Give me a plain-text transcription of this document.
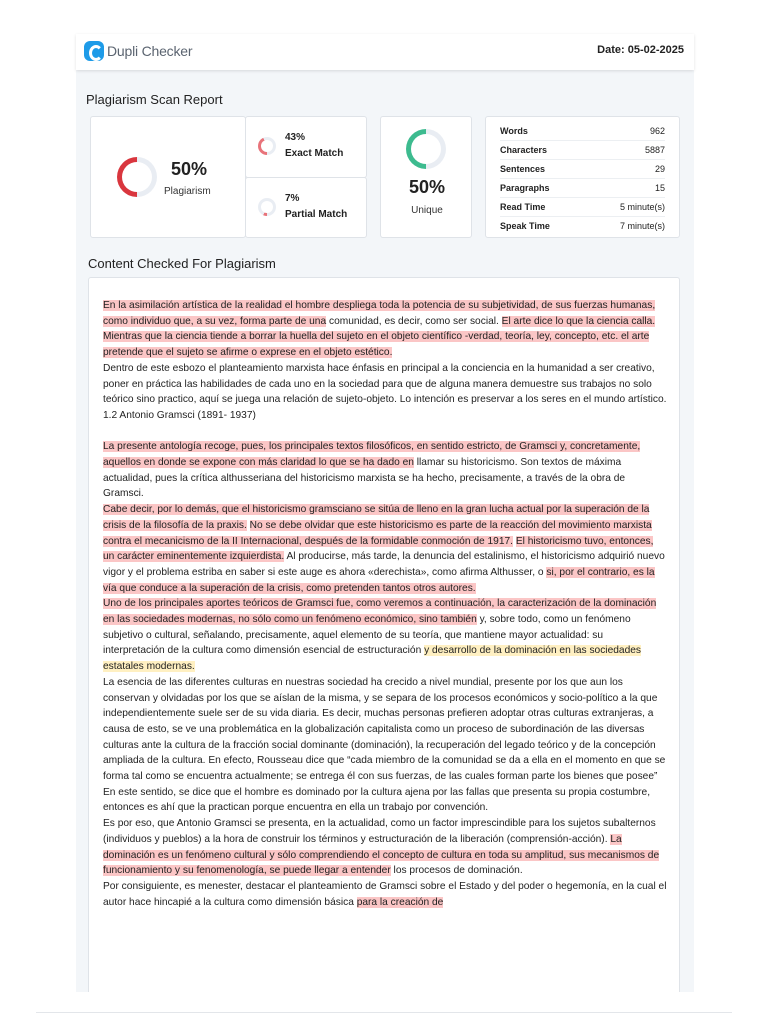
Dupli Checker	Date: 05-02-2025
Plagiarism Scan Report
50%
Plagiarism
43%
Exact Match
7%
Partial Match
50%
Unique
Words	962
Characters	5887
Sentences	29
Paragraphs	15
Read Time	5 minute(s)
Speak Time	7 minute(s)
Content Checked For Plagiarism
En la asimilación artística de la realidad el hombre despliega toda la potencia de su subjetividad, de sus fuerzas humanas, como individuo que, a su vez, forma parte de una comunidad, es decir, como ser social. El arte dice lo que la ciencia calla. Mientras que la ciencia tiende a borrar la huella del sujeto en el objeto científico -verdad, teoría, ley, concepto, etc. el arte pretende que el sujeto se afirme o exprese en el objeto estético.
Dentro de este esbozo el planteamiento marxista hace énfasis en principal a la conciencia en la humanidad a ser creativo, poner en práctica las habilidades de cada uno en la sociedad para que de alguna manera demuestre sus trabajos no solo teórico sino practico, aquí se juega una relación de sujeto-objeto. Lo intención es preservar a los seres en el mundo artístico.
1.2 Antonio Gramsci (1891- 1937)
La presente antología recoge, pues, los principales textos filosóficos, en sentido estricto, de Gramsci y, concretamente, aquellos en donde se expone con más claridad lo que se ha dado en llamar su historicismo. Son textos de máxima actualidad, pues la crítica althusseriana del historicismo marxista se ha hecho, precisamente, a través de la obra de Gramsci.
Cabe decir, por lo demás, que el historicismo gramsciano se sitúa de lleno en la gran lucha actual por la superación de la crisis de la filosofía de la praxis. No se debe olvidar que este historicismo es parte de la reacción del movimiento marxista contra el mecanicismo de la II Internacional, después de la formidable conmoción de 1917. El historicismo tuvo, entonces, un carácter eminentemente izquierdista. Al producirse, más tarde, la denuncia del estalinismo, el historicismo adquirió nuevo vigor y el problema estriba en saber si este auge es ahora «derechista», como afirma Althusser, o si, por el contrario, es la vía que conduce a la superación de la crisis, como pretenden tantos otros autores.
Uno de los principales aportes teóricos de Gramsci fue, como veremos a continuación, la caracterización de la dominación en las sociedades modernas, no sólo como un fenómeno económico, sino también y, sobre todo, como un fenómeno subjetivo o cultural, señalando, precisamente, aquel elemento de su teoría, que mantiene mayor actualidad: su interpretación de la cultura como dimensión esencial de estructuración y desarrollo de la dominación en las sociedades estatales modernas.
La esencia de las diferentes culturas en nuestras sociedad ha crecido a nivel mundial, presente por los que aun los conservan y olvidadas por los que se aíslan de la misma, y se separa de los procesos económicos y socio-político a la que independientemente suele ser de su vida diaria. Es decir, muchas personas prefieren adoptar otras culturas extranjeras, a causa de esto, se ve una problemática en la globalización capitalista como un proceso de subordinación de las diversas culturas ante la cultura de la fracción social dominante (dominación), la recuperación del legado teórico y de la concepción ampliada de la cultura. En efecto, Rousseau dice que “cada miembro de la comunidad se da a ella en el momento en que se forma tal como se encuentra actualmente; se entrega él con sus fuerzas, de las cuales forman parte los bienes que posee”
En este sentido, se dice que el hombre es dominado por la cultura ajena por las fallas que presenta su propia costumbre, entonces es ahí que la practican porque encuentra en ella un trabajo por convención.
Es por eso, que Antonio Gramsci se presenta, en la actualidad, como un factor imprescindible para los sujetos subalternos (individuos y pueblos) a la hora de construir los términos y estructuración de la liberación (comprensión-acción). La dominación es un fenómeno cultural y sólo comprendiendo el concepto de cultura en toda su amplitud, sus mecanismos de funcionamiento y su fenomenología, se puede llegar a entender los procesos de dominación.
Por consiguiente, es menester, destacar el planteamiento de Gramsci sobre el Estado y del poder o hegemonía, en la cual el autor hace hincapié a la cultura como dimensión básica para la creación de
